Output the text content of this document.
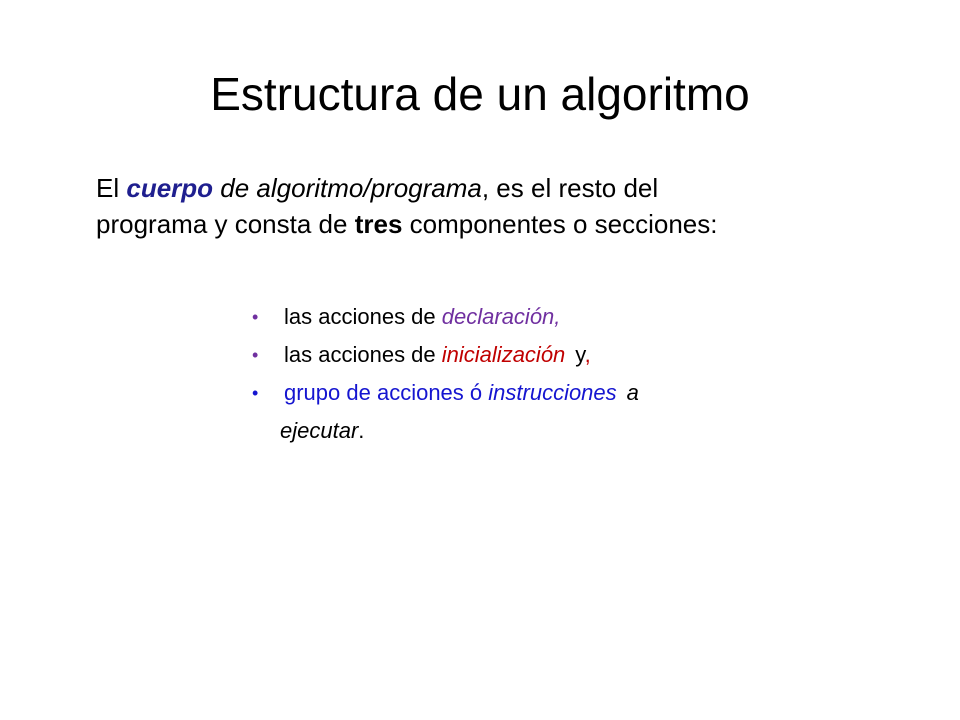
Estructura de un algoritmo

El cuerpo de algoritmo/programa, es el resto del
programa y consta de tres componentes o secciones:

• las acciones de declaración,
• las acciones de inicialización y,
• grupo de acciones ó instrucciones a
ejecutar.
